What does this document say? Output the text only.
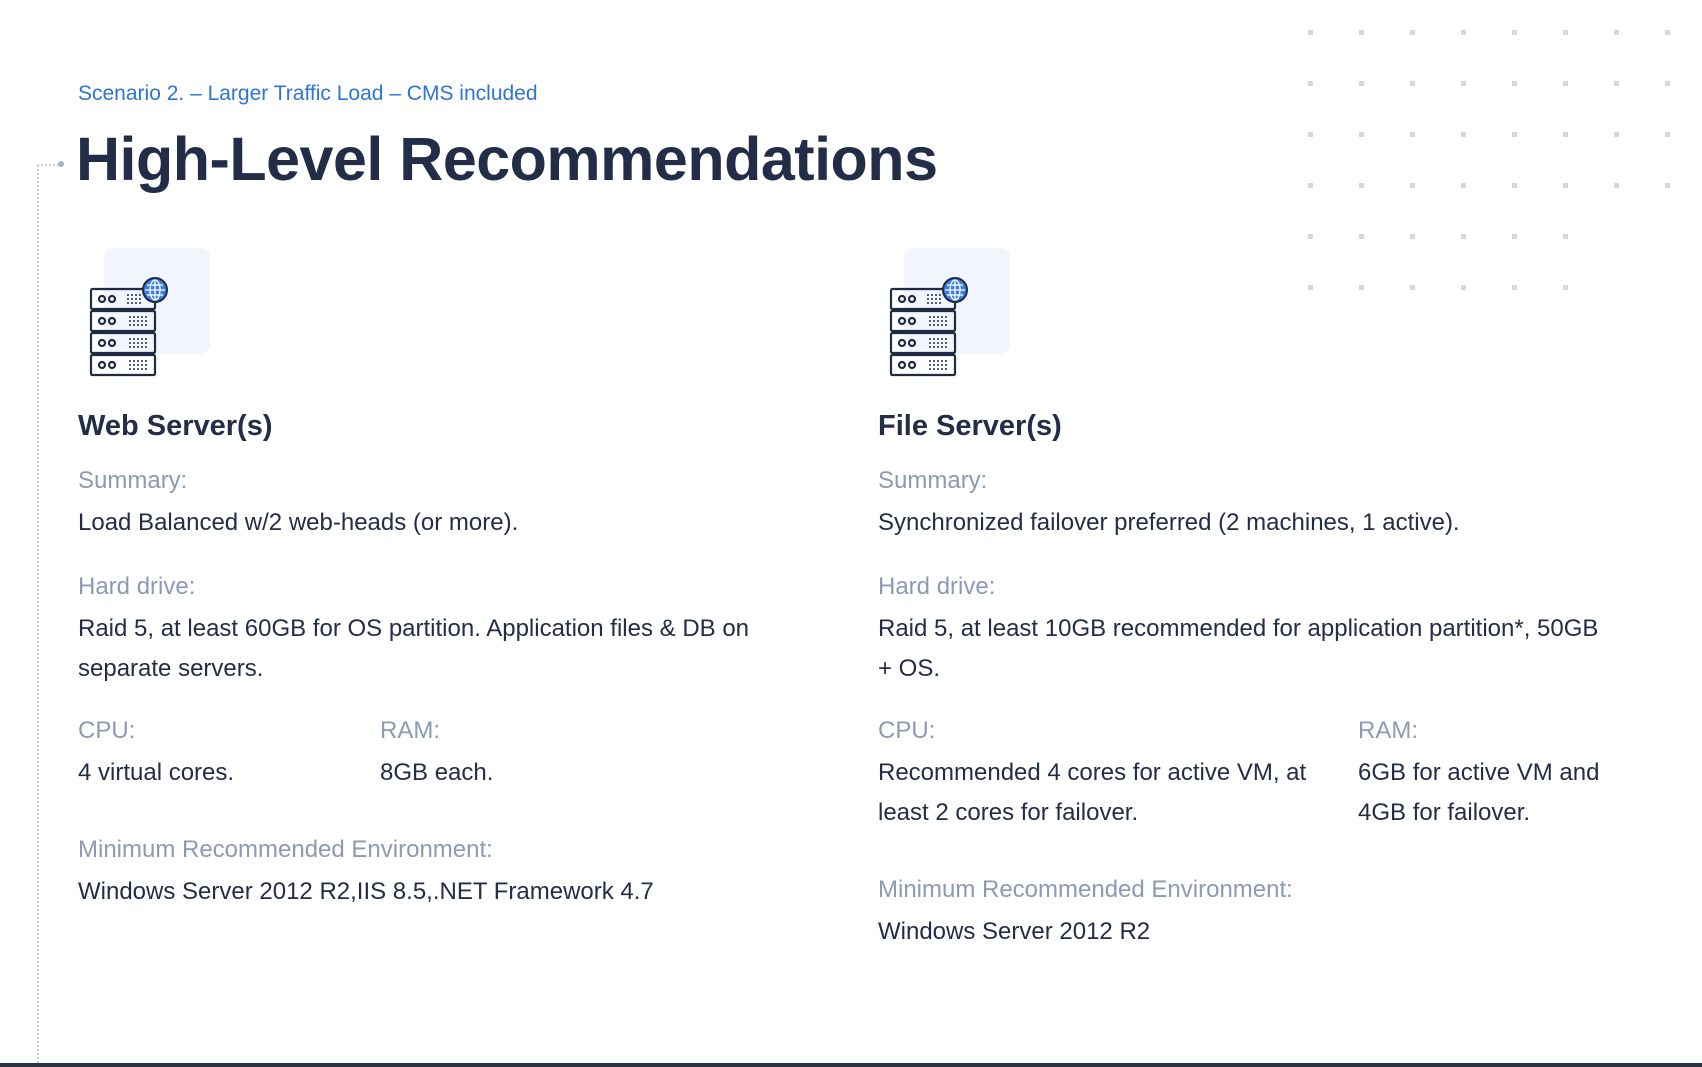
Scenario 2. – Larger Traffic Load – CMS included
High-Level Recommendations
Web Server(s)
Summary:
Load Balanced w/2 web-heads (or more).
Hard drive:
Raid 5, at least 60GB for OS partition. Application files & DB on separate servers.
CPU:
4 virtual cores.
RAM:
8GB each.
Minimum Recommended Environment:
Windows Server 2012 R2,IIS 8.5,.NET Framework 4.7
File Server(s)
Summary:
Synchronized failover preferred (2 machines, 1 active).
Hard drive:
Raid 5, at least 10GB recommended for application partition*, 50GB + OS.
CPU:
Recommended 4 cores for active VM, at least 2 cores for failover.
RAM:
6GB for active VM and 4GB for failover.
Minimum Recommended Environment:
Windows Server 2012 R2
